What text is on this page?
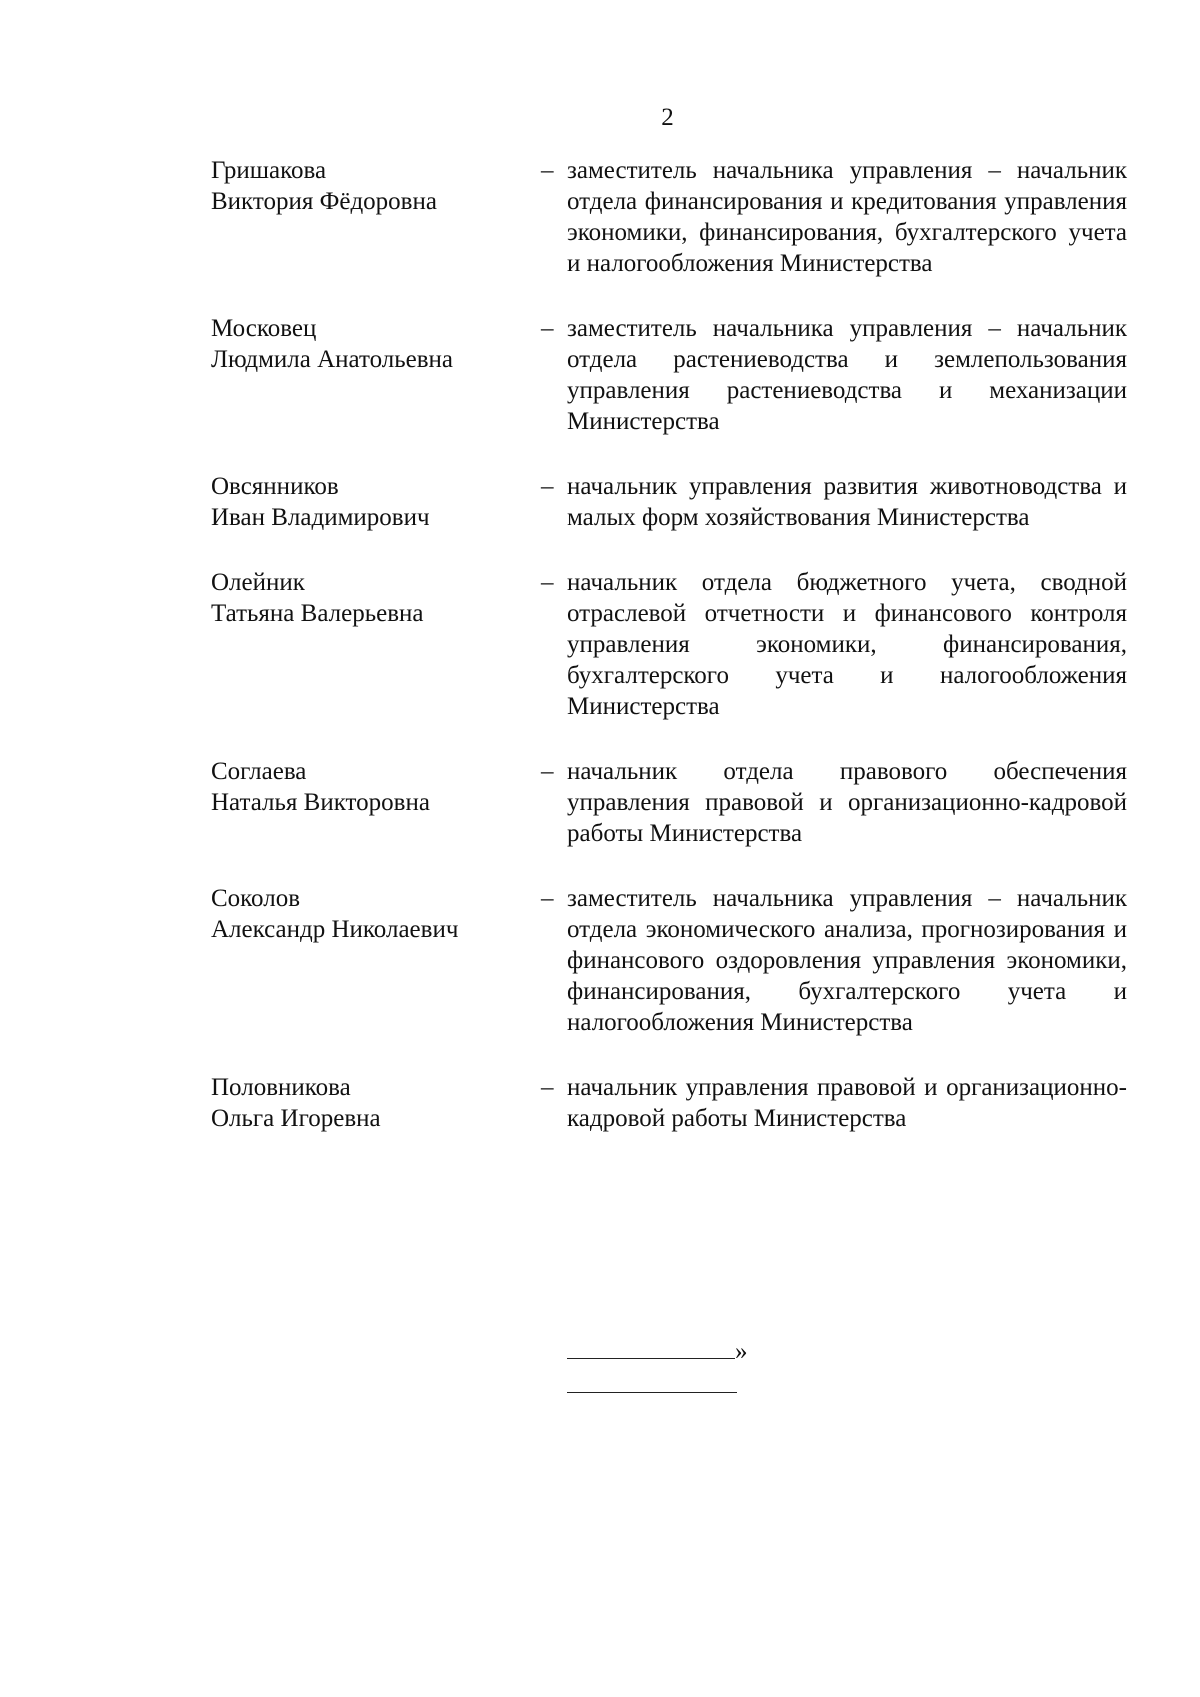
2
Гришакова
Виктория Фёдоровна
– заместитель начальника управления – начальник отдела финансирования и кредитования управления экономики, финансирования, бухгалтерского учета и налогообложения Министерства
Московец
Людмила Анатольевна
– заместитель начальника управления – начальник отдела растениеводства и землепользования управления растениеводства и механизации Министерства
Овсянников
Иван Владимирович
– начальник управления развития животноводства и малых форм хозяйствования Министерства
Олейник
Татьяна Валерьевна
– начальник отдела бюджетного учета, сводной отраслевой отчетности и финансового контроля управления экономики, финансирования, бухгалтерского учета и налогообложения Министерства
Соглаева
Наталья Викторовна
– начальник отдела правового обеспечения управления правовой и организационно-кадровой работы Министерства
Соколов
Александр Николаевич
– заместитель начальника управления – начальник отдела экономического анализа, прогнозирования и финансового оздоровления управления экономики, финансирования, бухгалтерского учета и налогообложения Министерства
Половникова
Ольга Игоревна
– начальник управления правовой и организационно-кадровой работы Министерства
»
